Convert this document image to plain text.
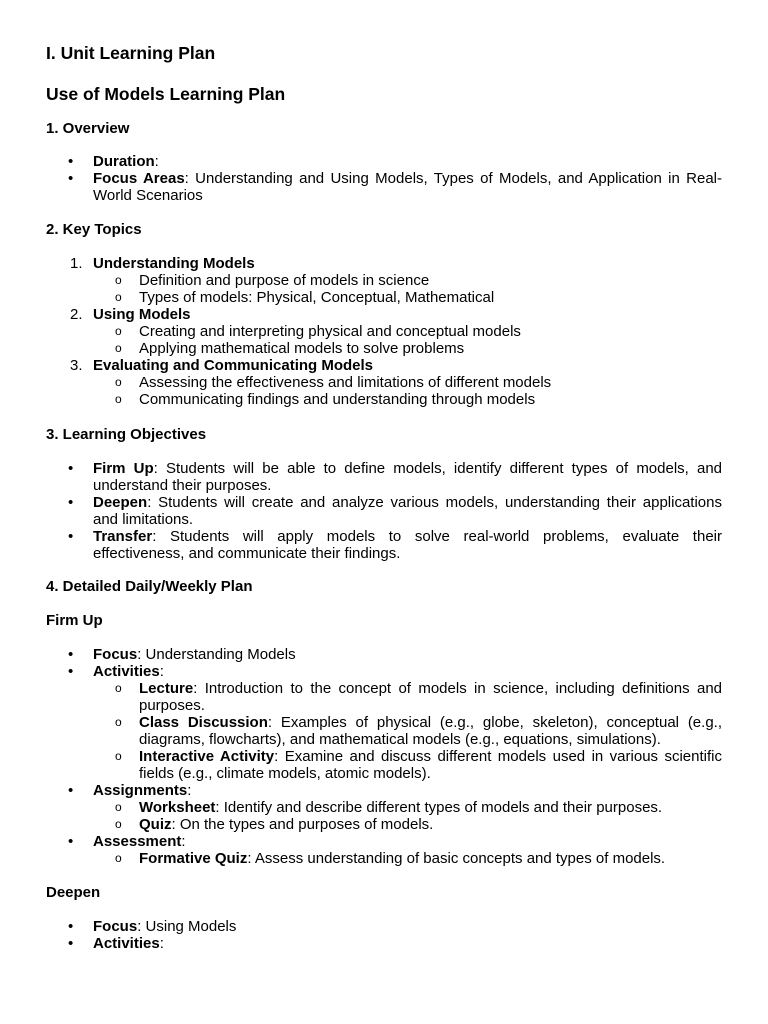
I. Unit Learning Plan
Use of Models Learning Plan
1. Overview
• Duration:
• Focus Areas: Understanding and Using Models, Types of Models, and Application in Real-World Scenarios
2. Key Topics
1. Understanding Models
o Definition and purpose of models in science
o Types of models: Physical, Conceptual, Mathematical
2. Using Models
o Creating and interpreting physical and conceptual models
o Applying mathematical models to solve problems
3. Evaluating and Communicating Models
o Assessing the effectiveness and limitations of different models
o Communicating findings and understanding through models
3. Learning Objectives
• Firm Up: Students will be able to define models, identify different types of models, and understand their purposes.
• Deepen: Students will create and analyze various models, understanding their applications and limitations.
• Transfer: Students will apply models to solve real-world problems, evaluate their effectiveness, and communicate their findings.
4. Detailed Daily/Weekly Plan
Firm Up
• Focus: Understanding Models
• Activities:
o Lecture: Introduction to the concept of models in science, including definitions and purposes.
o Class Discussion: Examples of physical (e.g., globe, skeleton), conceptual (e.g., diagrams, flowcharts), and mathematical models (e.g., equations, simulations).
o Interactive Activity: Examine and discuss different models used in various scientific fields (e.g., climate models, atomic models).
• Assignments:
o Worksheet: Identify and describe different types of models and their purposes.
o Quiz: On the types and purposes of models.
• Assessment:
o Formative Quiz: Assess understanding of basic concepts and types of models.
Deepen
• Focus: Using Models
• Activities:
